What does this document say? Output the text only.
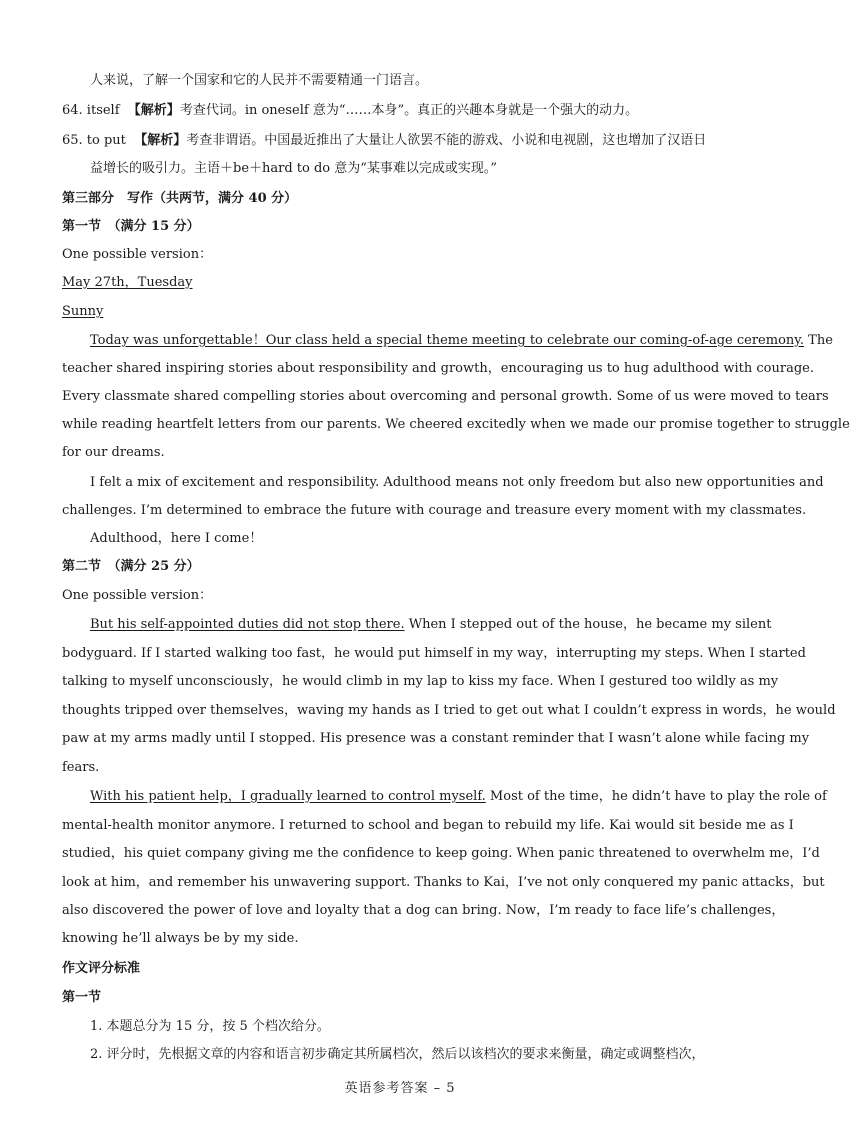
人来说，了解一个国家和它的人民并不需要精通一门语言。
64. itself 【解析】考查代词。in oneself 意为“……本身”。真正的兴趣本身就是一个强大的动力。
65. to put 【解析】考查非谓语。中国最近推出了大量让人欲罢不能的游戏、小说和电视剧，这也增加了汉语日
益增长的吸引力。主语＋be＋hard to do 意为“某事难以完成或实现。”
第三部分　写作（共两节，满分 40 分）
第一节　（满分 15 分）
One possible version：
May 27th，Tuesday
Sunny
Today was unforgettable！Our class held a special theme meeting to celebrate our coming-of-age ceremony. The
teacher shared inspiring stories about responsibility and growth，encouraging us to hug adulthood with courage.
Every classmate shared compelling stories about overcoming and personal growth. Some of us were moved to tears
while reading heartfelt letters from our parents. We cheered excitedly when we made our promise together to struggle
for our dreams.
I felt a mix of excitement and responsibility. Adulthood means not only freedom but also new opportunities and
challenges. I’m determined to embrace the future with courage and treasure every moment with my classmates.
Adulthood，here I come！
第二节　（满分 25 分）
One possible version：
But his self-appointed duties did not stop there. When I stepped out of the house，he became my silent
bodyguard. If I started walking too fast，he would put himself in my way，interrupting my steps. When I started
talking to myself unconsciously，he would climb in my lap to kiss my face. When I gestured too wildly as my
thoughts tripped over themselves，waving my hands as I tried to get out what I couldn’t express in words，he would
paw at my arms madly until I stopped. His presence was a constant reminder that I wasn’t alone while facing my
fears.
With his patient help，I gradually learned to control myself. Most of the time，he didn’t have to play the role of
mental-health monitor anymore. I returned to school and began to rebuild my life. Kai would sit beside me as I
studied，his quiet company giving me the confidence to keep going. When panic threatened to overwhelm me，I’d
look at him，and remember his unwavering support. Thanks to Kai，I’ve not only conquered my panic attacks，but
also discovered the power of love and loyalty that a dog can bring. Now，I’m ready to face life’s challenges，
knowing he’ll always be by my side.
作文评分标准
第一节
1. 本题总分为 15 分，按 5 个档次给分。
2. 评分时，先根据文章的内容和语言初步确定其所属档次，然后以该档次的要求来衡量，确定或调整档次，
英语参考答案 – 5
